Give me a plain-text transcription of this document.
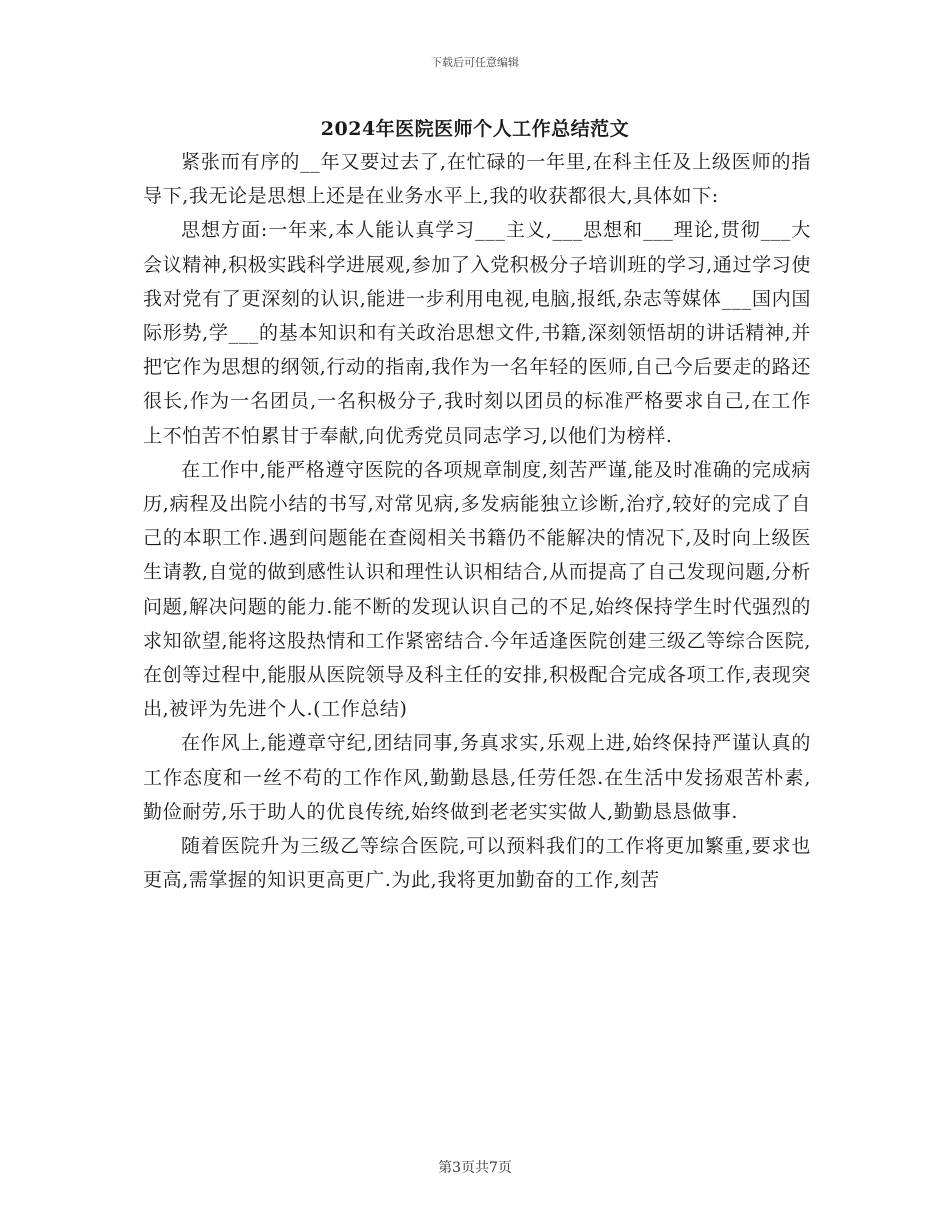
下载后可任意编辑
2024年医院医师个人工作总结范文

紧张而有序的__年又要过去了,在忙碌的一年里,在科主任及上级医师的指导下,我无论是思想上还是在业务水平上,我的收获都很大,具体如下:

思想方面:一年来,本人能认真学习___主义,___思想和___理论,贯彻___大会议精神,积极实践科学进展观,参加了入党积极分子培训班的学习,通过学习使我对党有了更深刻的认识,能进一步利用电视,电脑,报纸,杂志等媒体___国内国际形势,学___的基本知识和有关政治思想文件,书籍,深刻领悟胡的讲话精神,并把它作为思想的纲领,行动的指南,我作为一名年轻的医师,自己今后要走的路还很长,作为一名团员,一名积极分子,我时刻以团员的标准严格要求自己,在工作上不怕苦不怕累甘于奉献,向优秀党员同志学习,以他们为榜样.

在工作中,能严格遵守医院的各项规章制度,刻苦严谨,能及时准确的完成病历,病程及出院小结的书写,对常见病,多发病能独立诊断,治疗,较好的完成了自己的本职工作.遇到问题能在查阅相关书籍仍不能解决的情况下,及时向上级医生请教,自觉的做到感性认识和理性认识相结合,从而提高了自己发现问题,分析问题,解决问题的能力.能不断的发现认识自己的不足,始终保持学生时代强烈的求知欲望,能将这股热情和工作紧密结合.今年适逢医院创建三级乙等综合医院,在创等过程中,能服从医院领导及科主任的安排,积极配合完成各项工作,表现突出,被评为先进个人.(工作总结)

在作风上,能遵章守纪,团结同事,务真求实,乐观上进,始终保持严谨认真的工作态度和一丝不苟的工作作风,勤勤恳恳,任劳任怨.在生活中发扬艰苦朴素,勤俭耐劳,乐于助人的优良传统,始终做到老老实实做人,勤勤恳恳做事.

随着医院升为三级乙等综合医院,可以预料我们的工作将更加繁重,要求也更高,需掌握的知识更高更广.为此,我将更加勤奋的工作,刻苦

第3页共7页
